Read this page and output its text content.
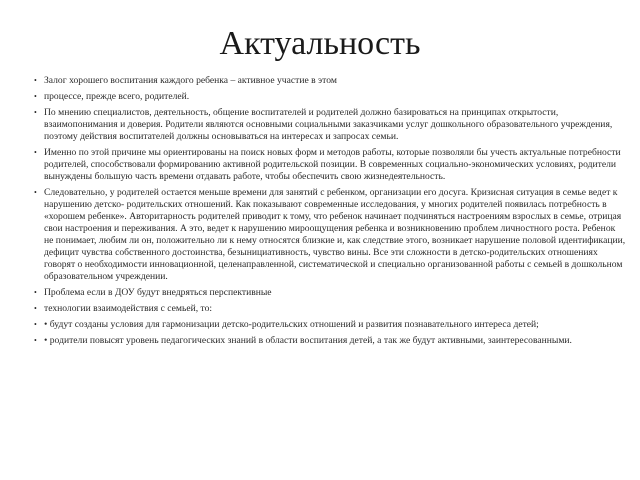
Актуальность
• Залог хорошего воспитания каждого ребенка – активное участие в этом
• процессе, прежде всего, родителей.
• По мнению специалистов, деятельность, общение воспитателей и родителей должно базироваться на принципах открытости, взаимопонимания и доверия. Родители являются основными социальными заказчиками услуг дошкольного образовательного учреждения, поэтому действия воспитателей должны основываться на интересах и запросах семьи.
• Именно по этой причине мы ориентированы на поиск новых форм и методов работы, которые позволяли бы учесть актуальные потребности родителей, способствовали формированию активной родительской позиции. В современных социально-экономических условиях, родители вынуждены большую часть времени отдавать работе, чтобы обеспечить свою жизнедеятельность.
• Следовательно, у родителей остается меньше времени для занятий с ребенком, организации его досуга. Кризисная ситуация в семье ведет к нарушению детско- родительских отношений. Как показывают современные исследования, у многих родителей появилась потребность в «хорошем ребенке». Авторитарность родителей приводит к тому, что ребенок начинает подчиняться настроениям взрослых в семье, отрицая свои настроения и переживания. А это, ведет к нарушению мироощущения ребенка и возникновению проблем личностного роста. Ребенок не понимает, любим ли он, положительно ли к нему относятся близкие и, как следствие этого, возникает нарушение половой идентификации, дефицит чувства собственного достоинства, безынициативность, чувство вины. Все эти сложности в детско-родительских отношениях говорят о необходимости инновационной, целенаправленной, систематической и специально организованной работы с семьей в дошкольном образовательном учреждении.
• Проблема если в ДОУ будут внедряться перспективные
• технологии взаимодействия с семьей, то:
• • будут созданы условия для гармонизации детско-родительских отношений и развития познавательного интереса детей;
• • родители повысят уровень педагогических знаний в области воспитания детей, а так же будут активными, заинтересованными.
